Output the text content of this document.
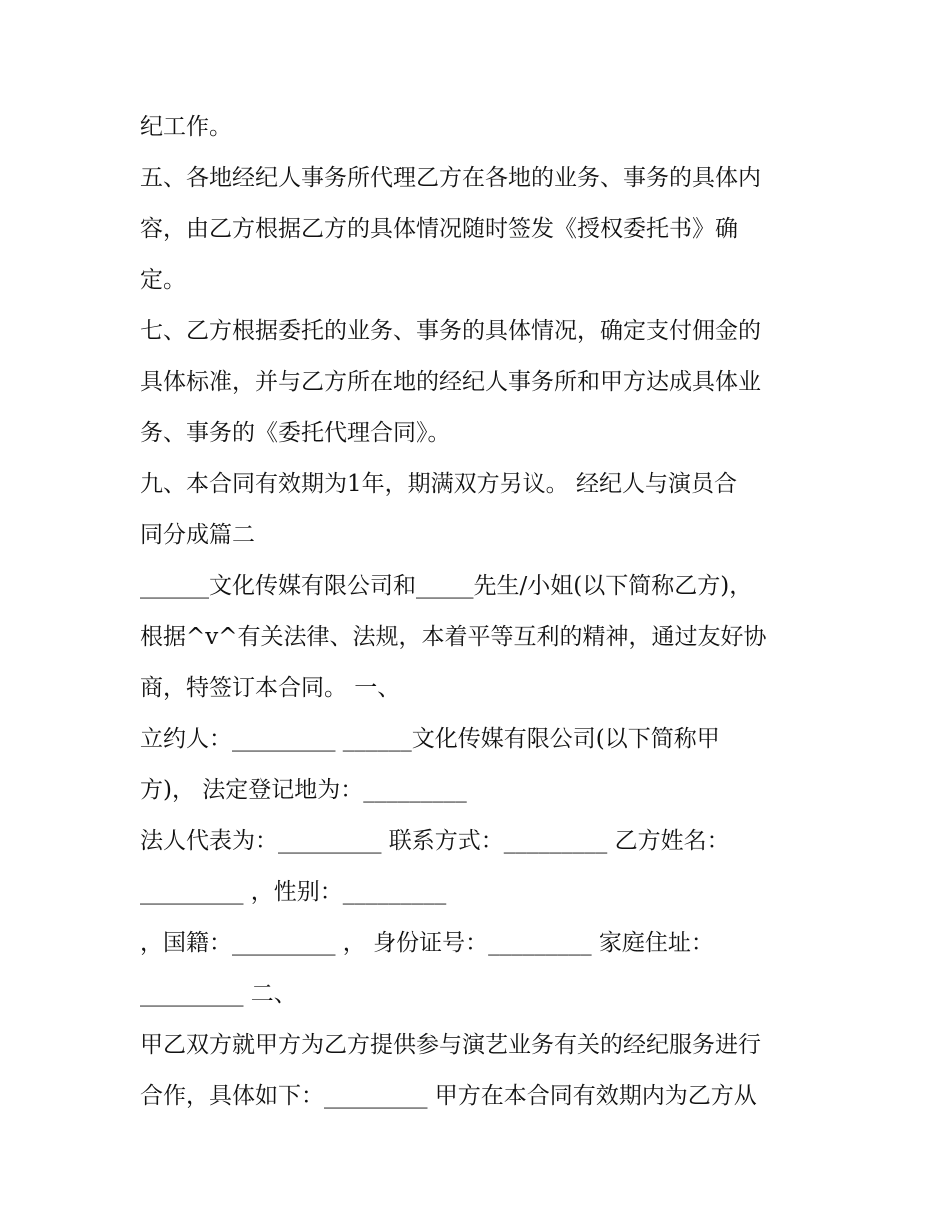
纪工作。
五、各地经纪人事务所代理乙方在各地的业务、事务的具体内
容，由乙方根据乙方的具体情况随时签发《授权委托书》确
定。
七、乙方根据委托的业务、事务的具体情况，确定支付佣金的
具体标准，并与乙方所在地的经纪人事务所和甲方达成具体业
务、事务的《委托代理合同》。
九、本合同有效期为1年，期满双方另议。 经纪人与演员合
同分成篇二
______文化传媒有限公司和_____先生/小姐(以下简称乙方)，
根据^v^有关法律、法规，本着平等互利的精神，通过友好协
商，特签订本合同。 一、
立约人：_________ ______文化传媒有限公司(以下简称甲
方)， 法定登记地为：_________
法人代表为：_________ 联系方式：_________ 乙方姓名：
_________ ，性别：_________
，国籍：_________ ， 身份证号：_________ 家庭住址：
_________ 二、
甲乙双方就甲方为乙方提供参与演艺业务有关的经纪服务进行
合作，具体如下：_________ 甲方在本合同有效期内为乙方从
